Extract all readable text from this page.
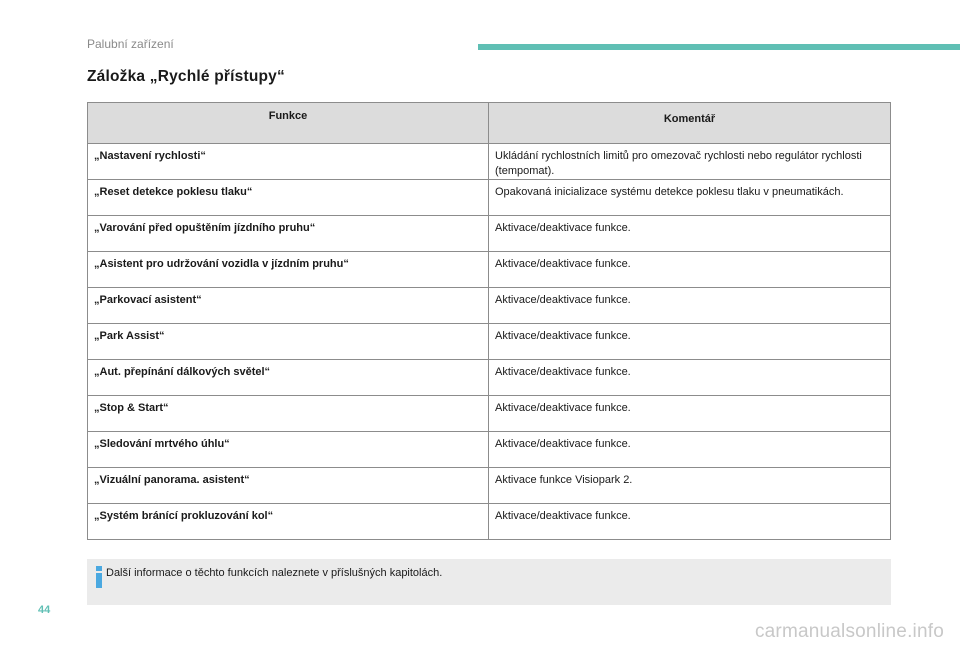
Palubní zařízení
Záložka „Rychlé přístupy“
Funkce	Komentář
„Nastavení rychlosti“	Ukládání rychlostních limitů pro omezovač rychlosti nebo regulátor rychlosti (tempomat).
„Reset detekce poklesu tlaku“	Opakovaná inicializace systému detekce poklesu tlaku v pneumatikách.
„Varování před opuštěním jízdního pruhu“	Aktivace/deaktivace funkce.
„Asistent pro udržování vozidla v jízdním pruhu“	Aktivace/deaktivace funkce.
„Parkovací asistent“	Aktivace/deaktivace funkce.
„Park Assist“	Aktivace/deaktivace funkce.
„Aut. přepínání dálkových světel“	Aktivace/deaktivace funkce.
„Stop & Start“	Aktivace/deaktivace funkce.
„Sledování mrtvého úhlu“	Aktivace/deaktivace funkce.
„Vizuální panorama. asistent“	Aktivace funkce Visiopark 2.
„Systém bránící prokluzování kol“	Aktivace/deaktivace funkce.
Další informace o těchto funkcích naleznete v příslušných kapitolách.
44
carmanualsonline.info
